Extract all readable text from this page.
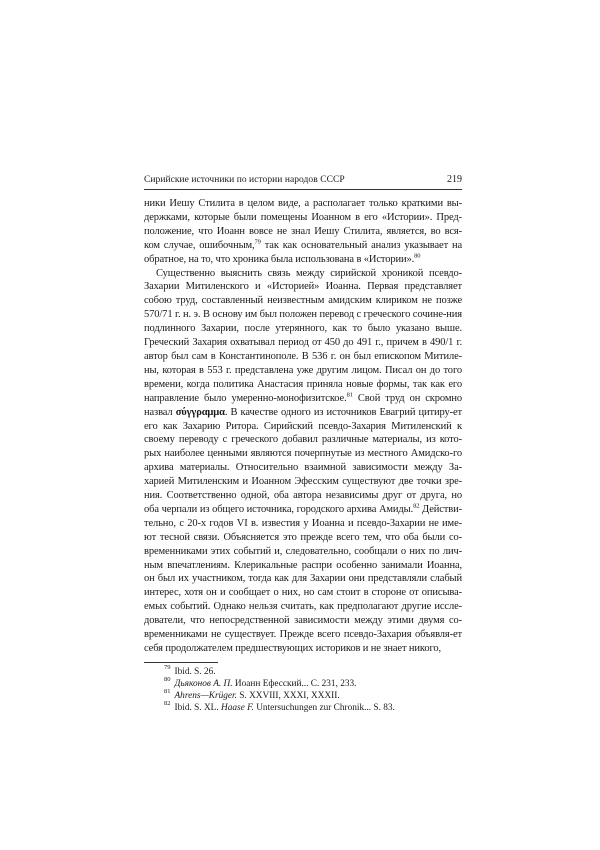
Сирийские источники по истории народов СССР	219

ники Иешу Стилита в целом виде, а располагает только краткими вы-держками, которые были помещены Иоанном в его «Истории». Пред-положение, что Иоанн вовсе не знал Иешу Стилита, является, во вся-ком случае, ошибочным,$^{79}$ так как основательный анализ указывает на обратное, на то, что хроника была использована в «Истории».$^{80}$

Существенно выяснить связь между сирийской хроникой псевдо-Захарии Митиленского и «Историей» Иоанна. Первая представляет собою труд, составленный неизвестным амидским клириком не позже 570/71 г. н. э. В основу им был положен перевод с греческого сочине-ния подлинного Захарии, после утерянного, как то было указано выше. Греческий Захария охватывал период от 450 до 491 г., причем в 490/1 г. автор был сам в Константинополе. В 536 г. он был епископом Митиле-ны, которая в 553 г. представлена уже другим лицом. Писал он до того времени, когда политика Анастасия приняла новые формы, так как его направление было умеренно-монофизитское.$^{81}$ Свой труд он скромно назвал σύγγραμμα. В качестве одного из источников Евагрий цитиру-ет его как Захарию Ритора. Сирийский псевдо-Захария Митиленский к своему переводу с греческого добавил различные материалы, из кото-рых наиболее ценными являются почерпнутые из местного Амидско-го архива материалы. Относительно взаимной зависимости между За-харией Митиленским и Иоанном Эфесским существуют две точки зре-ния. Соответственно одной, оба автора независимы друг от друга, но оба черпали из общего источника, городского архива Амиды.$^{82}$ Действи-тельно, с 20-х годов VI в. известия у Иоанна и псевдо-Захарии не име-ют тесной связи. Объясняется это прежде всего тем, что оба были со-временниками этих событий и, следовательно, сообщали о них по лич-ным впечатлениям. Клерикальные распри особенно занимали Иоанна, он был их участником, тогда как для Захарии они представляли слабый интерес, хотя он и сообщает о них, но сам стоит в стороне от описыва-емых событий. Однако нельзя считать, как предполагают другие иссле-дователи, что непосредственной зависимости между этими двумя со-временниками не существует. Прежде всего псевдо-Захария объявля-ет себя продолжателем предшествующих историков и не знает никого,

79 Ibid. S. 26.
80 Дьяконов А. П. Иоанн Ефесский... С. 231, 233.
81 Ahrens—Krüger. S. XXVIII, XXXI, XXXII.
82 Ibid. S. XL. Haase F. Untersuchungen zur Chronik... S. 83.
